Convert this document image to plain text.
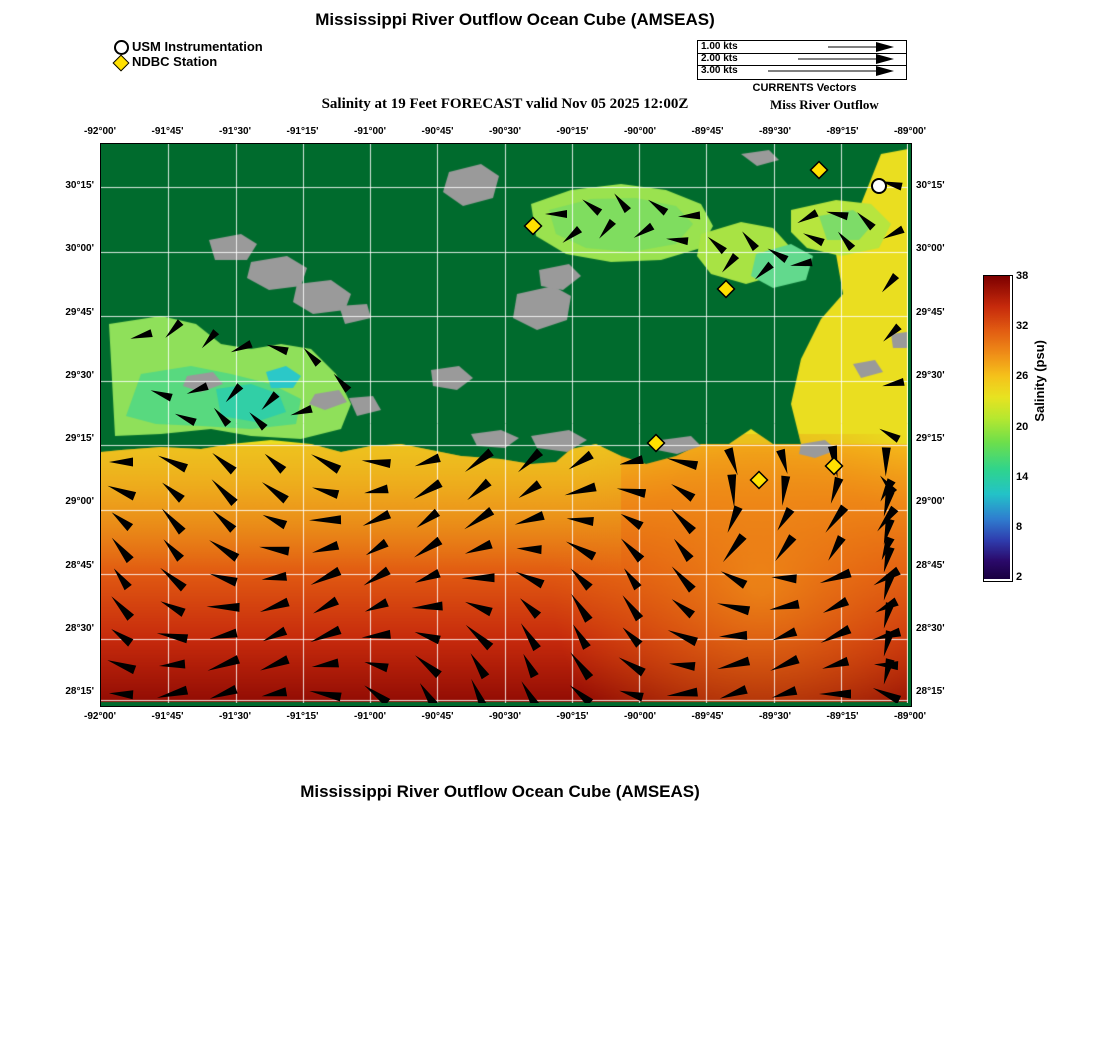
Mississippi River Outflow Ocean Cube (AMSEAS)
USM Instrumentation
NDBC Station
1.00 kts
2.00 kts
3.00 kts
CURRENTS Vectors
Salinity at 19 Feet FORECAST valid Nov 05 2025 12:00Z	Miss River Outflow
-92°00'	-91°45'	-91°30'	-91°15'	-91°00'	-90°45'	-90°30'	-90°15'	-90°00'	-89°45'	-89°30'	-89°15'	-89°00'
-92°00'	-91°45'	-91°30'	-91°15'	-91°00'	-90°45'	-90°30'	-90°15'	-90°00'	-89°45'	-89°30'	-89°15'	-89°00'
30°15'
30°00'
29°45'
29°30'
29°15'
29°00'
28°45'
28°30'
28°15'
30°15'
30°00'
29°45'
29°30'
29°15'
29°00'
28°45'
28°30'
28°15'
38
32
26
20
14
8
2
Salinity (psu)
Mississippi River Outflow Ocean Cube (AMSEAS)
